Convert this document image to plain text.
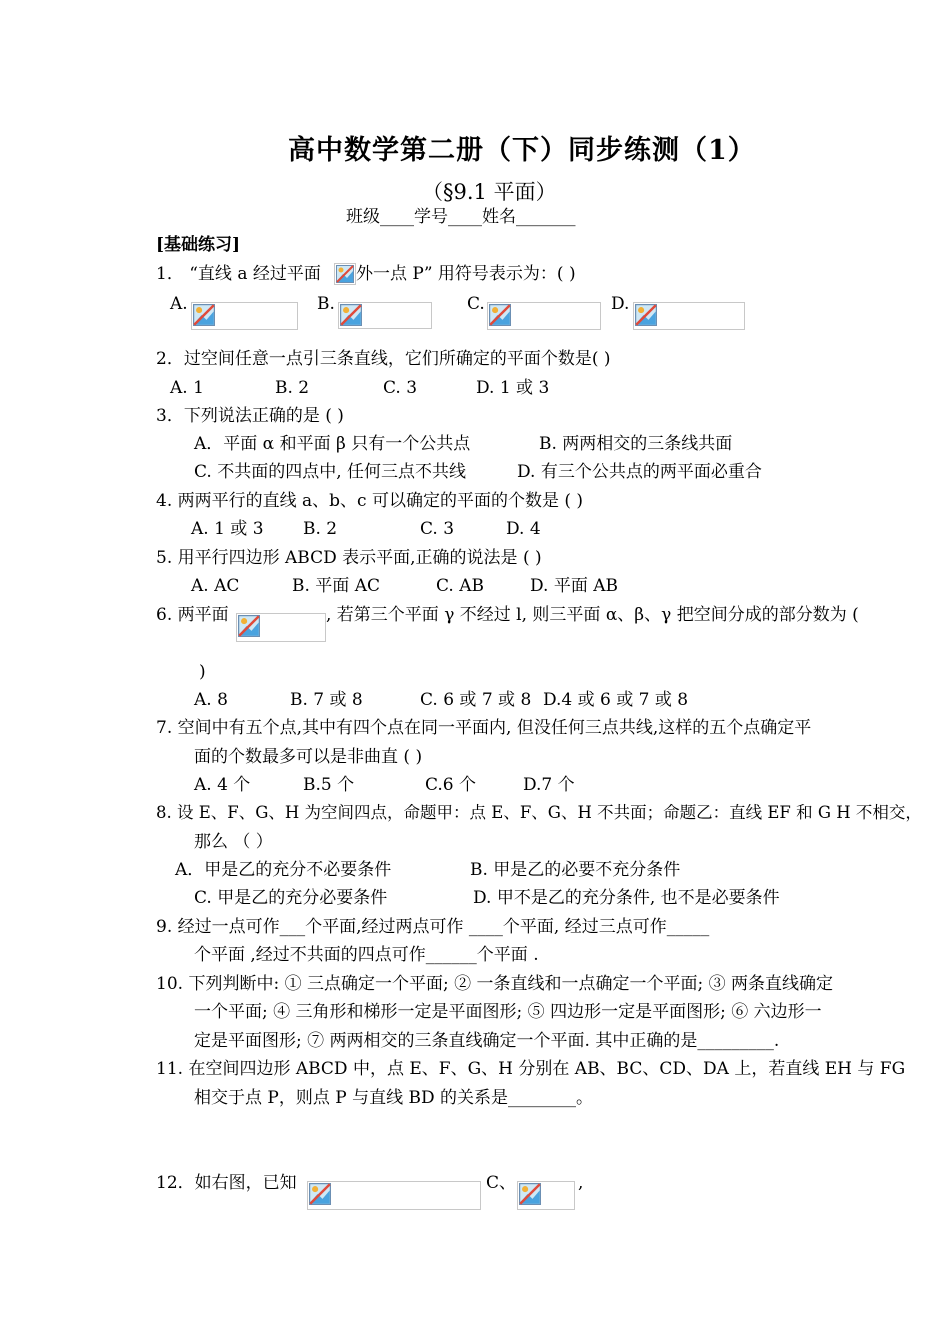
高中数学第二册（下）同步练测（1）
（§9.1 平面）
班级____学号____姓名_______
[基础练习]
1． “直线 a 经过平面 外一点 P” 用符号表示为：( )
A.	B.	C.	D.
2．过空间任意一点引三条直线，它们所确定的平面个数是( )
A. 1	B. 2	C. 3	D. 1 或 3
3．下列说法正确的是 ( )
A．平面 α 和平面 β 只有一个公共点	B. 两两相交的三条线共面
C. 不共面的四点中, 任何三点不共线	D. 有三个公共点的两平面必重合
4. 两两平行的直线 a、b、c 可以确定的平面的个数是 ( )
A. 1 或 3 B. 2	C. 3	D. 4
5. 用平行四边形 ABCD 表示平面,正确的说法是 ( )
A. AC	B. 平面 AC	C. AB	D. 平面 AB
6. 两平面	, 若第三个平面 γ 不经过 l, 则三平面 α、β、γ 把空间分成的部分数为 (
)
A. 8	B. 7 或 8	C. 6 或 7 或 8 D.4 或 6 或 7 或 8
7. 空间中有五个点,其中有四个点在同一平面内, 但没任何三点共线,这样的五个点确定平
面的个数最多可以是非曲直 ( )
A. 4 个	B.5 个	C.6 个	D.7 个
8. 设 E、F、G、H 为空间四点，命题甲：点 E、F、G、H 不共面；命题乙：直线 EF 和 G H 不相交，
那么 （ ）
A．甲是乙的充分不必要条件	B. 甲是乙的必要不充分条件
C. 甲是乙的充分必要条件	D. 甲不是乙的充分条件, 也不是必要条件
9. 经过一点可作___个平面,经过两点可作 ____个平面, 经过三点可作_____
个平面 ,经过不共面的四点可作______个平面 .
10. 下列判断中: ① 三点确定一个平面; ② 一条直线和一点确定一个平面; ③ 两条直线确定
一个平面; ④ 三角形和梯形一定是平面图形; ⑤ 四边形一定是平面图形; ⑥ 六边形一
定是平面图形; ⑦ 两两相交的三条直线确定一个平面. 其中正确的是_________.
11. 在空间四边形 ABCD 中，点 E、F、G、H 分别在 AB、BC、CD、DA 上，若直线 EH 与 FG
相交于点 P，则点 P 与直线 BD 的关系是________。
12．如右图，已知	C、	,
